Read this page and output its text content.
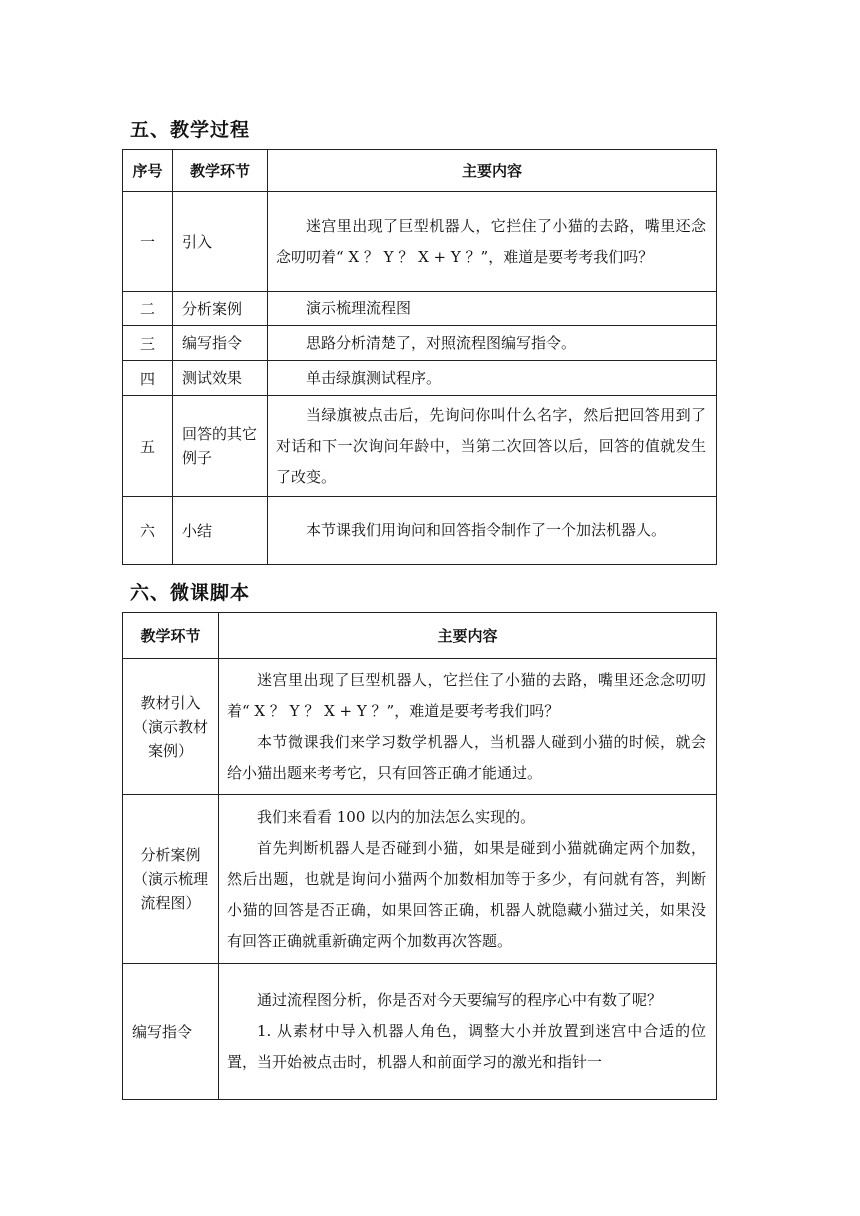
五、教学过程
序号	教学环节	主要内容
一	引入	迷宫里出现了巨型机器人，它拦住了小猫的去路，嘴里还念念叨叨着“ X ？ Y ？ X + Y ？”，难道是要考考我们吗？

二	分析案例	演示梳理流程图

三	编写指令	思路分析清楚了，对照流程图编写指令。

四	测试效果	单击绿旗测试程序。

五	回答的其它例子	当绿旗被点击后，先询问你叫什么名字，然后把回答用到了对话和下一次询问年龄中，当第二次回答以后，回答的值就发生了改变。

六	小结	本节课我们用询问和回答指令制作了一个加法机器人。

六、微课脚本
教学环节	主要内容
教材引入（演示教材案例）	迷宫里出现了巨型机器人，它拦住了小猫的去路，嘴里还念念叨叨着“ X ？ Y ？ X + Y ？”，难道是要考考我们吗？

本节微课我们来学习数学机器人，当机器人碰到小猫的时候，就会给小猫出题来考考它，只有回答正确才能通过。

分析案例（演示梳理流程图）	我们来看看 100 以内的加法怎么实现的。

首先判断机器人是否碰到小猫，如果是碰到小猫就确定两个加数，然后出题，也就是询问小猫两个加数相加等于多少，有问就有答，判断小猫的回答是否正确，如果回答正确，机器人就隐藏小猫过关，如果没有回答正确就重新确定两个加数再次答题。

编写指令	通过流程图分析，你是否对今天要编写的程序心中有数了呢？

1. 从素材中导入机器人角色，调整大小并放置到迷宫中合适的位置，当开始被点击时，机器人和前面学习的激光和指针一
